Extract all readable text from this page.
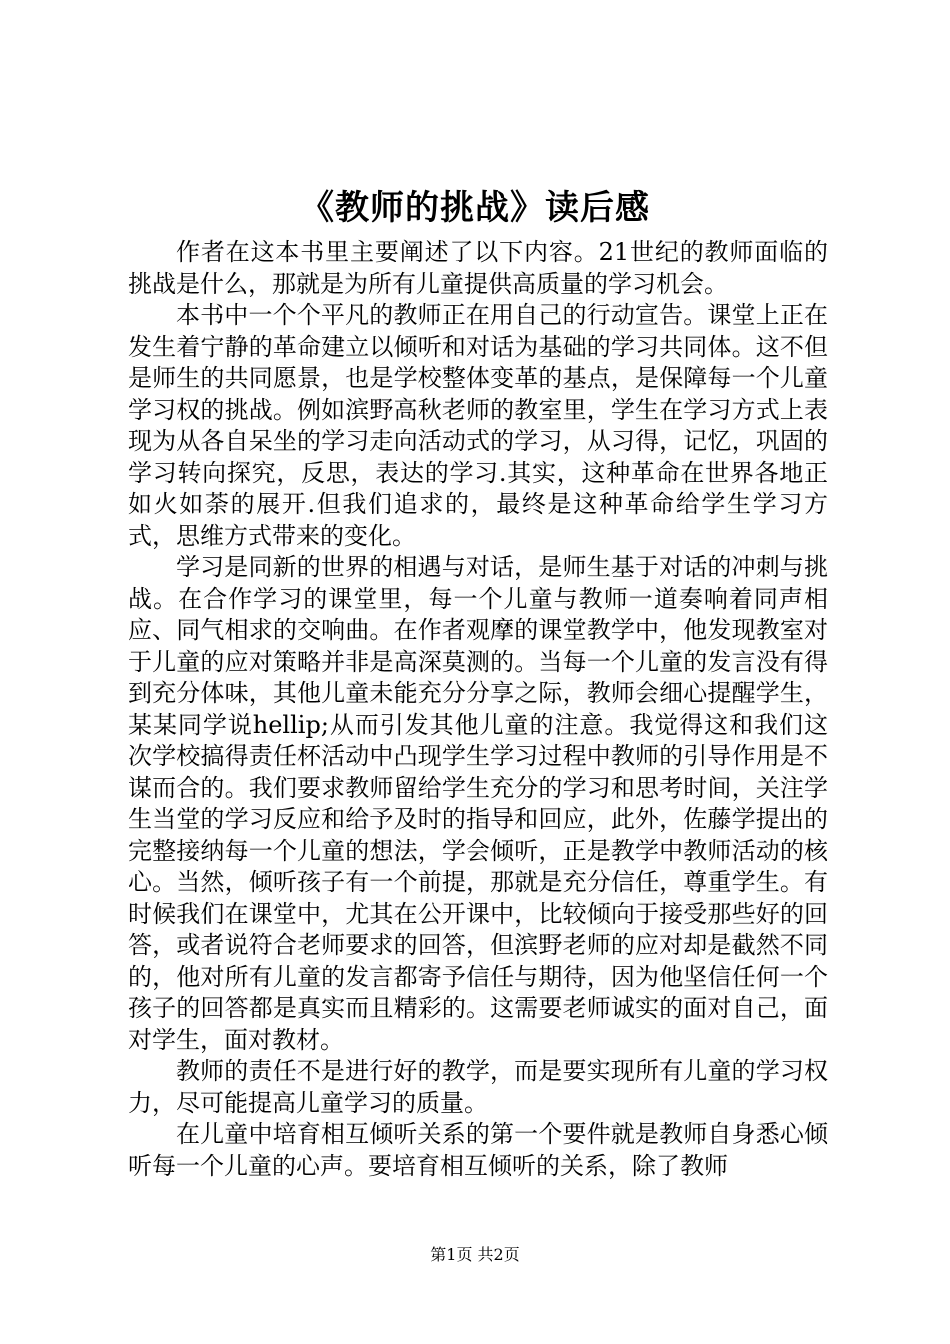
《教师的挑战》读后感

作者在这本书里主要阐述了以下内容。21世纪的教师面临的挑战是什么，那就是为所有儿童提供高质量的学习机会。

本书中一个个平凡的教师正在用自己的行动宣告。课堂上正在发生着宁静的革命建立以倾听和对话为基础的学习共同体。这不但是师生的共同愿景，也是学校整体变革的基点，是保障每一个儿童学习权的挑战。例如滨野高秋老师的教室里，学生在学习方式上表现为从各自呆坐的学习走向活动式的学习，从习得，记忆，巩固的学习转向探究，反思，表达的学习.其实，这种革命在世界各地正如火如荼的展开.但我们追求的，最终是这种革命给学生学习方式，思维方式带来的变化。

学习是同新的世界的相遇与对话，是师生基于对话的冲刺与挑战。在合作学习的课堂里，每一个儿童与教师一道奏响着同声相应、同气相求的交响曲。在作者观摩的课堂教学中，他发现教室对于儿童的应对策略并非是高深莫测的。当每一个儿童的发言没有得到充分体味，其他儿童未能充分分享之际，教师会细心提醒学生，某某同学说hellip;从而引发其他儿童的注意。我觉得这和我们这次学校搞得责任杯活动中凸现学生学习过程中教师的引导作用是不谋而合的。我们要求教师留给学生充分的学习和思考时间，关注学生当堂的学习反应和给予及时的指导和回应，此外，佐藤学提出的完整接纳每一个儿童的想法，学会倾听，正是教学中教师活动的核心。当然，倾听孩子有一个前提，那就是充分信任，尊重学生。有时候我们在课堂中，尤其在公开课中，比较倾向于接受那些好的回答，或者说符合老师要求的回答，但滨野老师的应对却是截然不同的，他对所有儿童的发言都寄予信任与期待，因为他坚信任何一个孩子的回答都是真实而且精彩的。这需要老师诚实的面对自己，面对学生，面对教材。

教师的责任不是进行好的教学，而是要实现所有儿童的学习权力，尽可能提高儿童学习的质量。

在儿童中培育相互倾听关系的第一个要件就是教师自身悉心倾听每一个儿童的心声。要培育相互倾听的关系，除了教师

第1页 共2页
